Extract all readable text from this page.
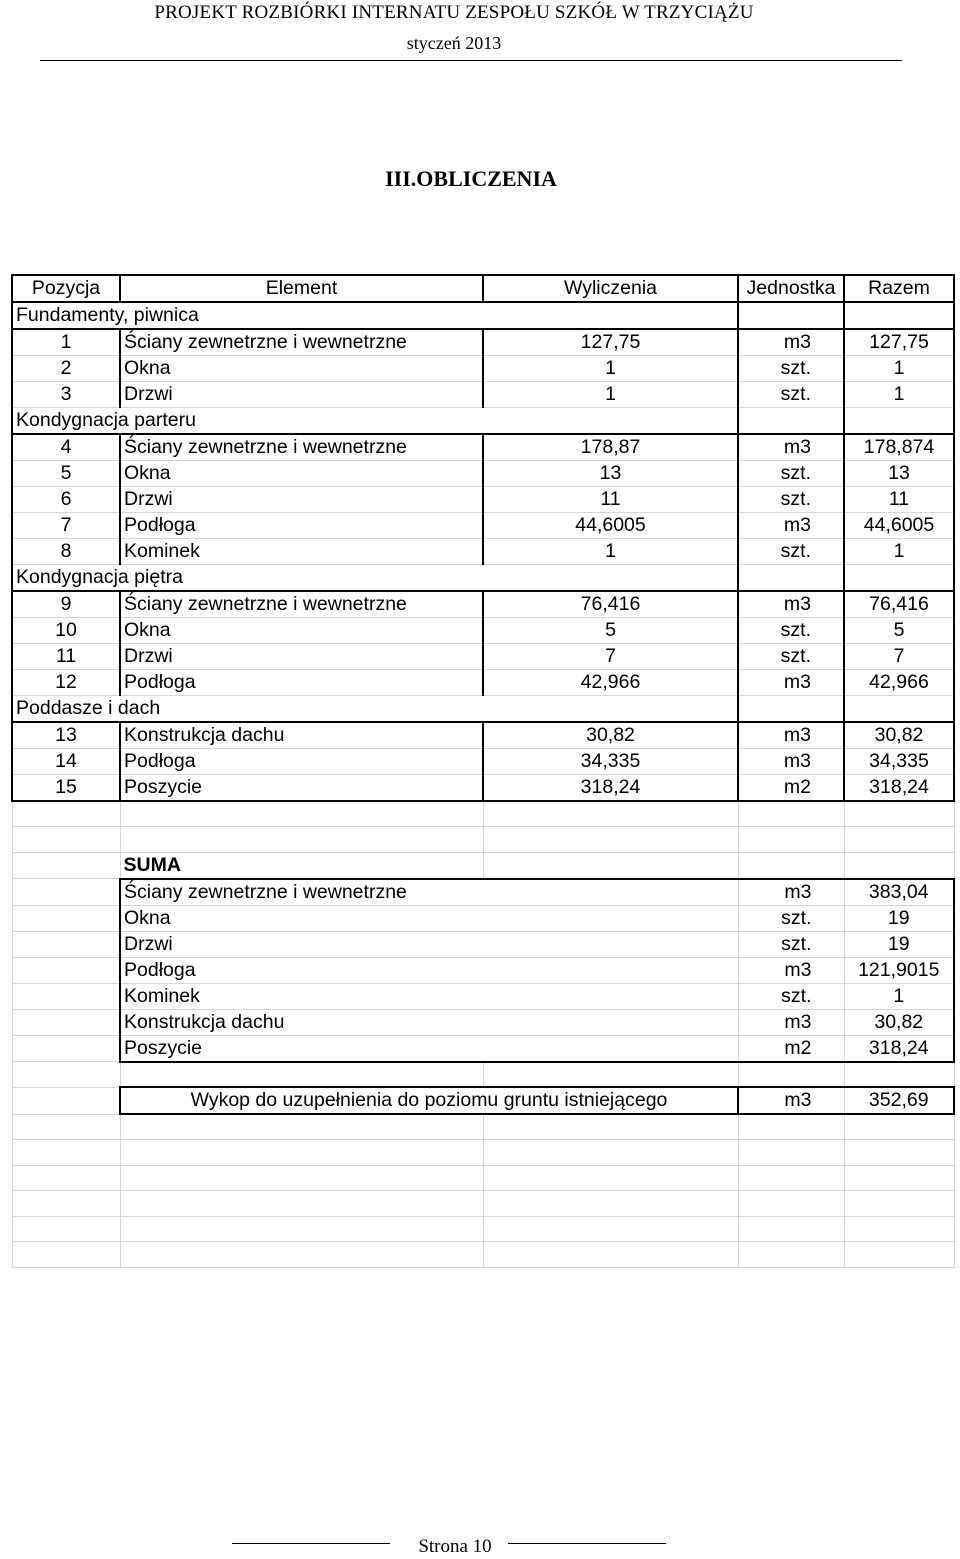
PROJEKT ROZBIÓRKI INTERNATU ZESPOŁU SZKÓŁ W TRZYCIĄŻU
styczeń 2013
III.OBLICZENIA
Pozycja	Element	Wyliczenia	Jednostka	Razem
Fundamenty, piwnica				
1	Ściany zewnetrzne i wewnetrzne	127,75	m3	127,75
2	Okna	1	szt.	1
3	Drzwi	1	szt.	1
Kondygnacja parteru				
4	Ściany zewnetrzne i wewnetrzne	178,87	m3	178,874
5	Okna	13	szt.	13
6	Drzwi	11	szt.	11
7	Podłoga	44,6005	m3	44,6005
8	Kominek	1	szt.	1
Kondygnacja piętra				
9	Ściany zewnetrzne i wewnetrzne	76,416	m3	76,416
10	Okna	5	szt.	5
11	Drzwi	7	szt.	7
12	Podłoga	42,966	m3	42,966
Poddasze i dach				
13	Konstrukcja dachu	30,82	m3	30,82
14	Podłoga	34,335	m3	34,335
15	Poszycie	318,24	m2	318,24

	SUMA			
	Ściany zewnetrzne i wewnetrzne		m3	383,04
	Okna		szt.	19
	Drzwi		szt.	19
	Podłoga		m3	121,9015
	Kominek		szt.	1
	Konstrukcja dachu		m3	30,82
	Poszycie		m2	318,24

	Wykop do uzupełnienia do poziomu gruntu istniejącego		m3	352,69

Strona 10
